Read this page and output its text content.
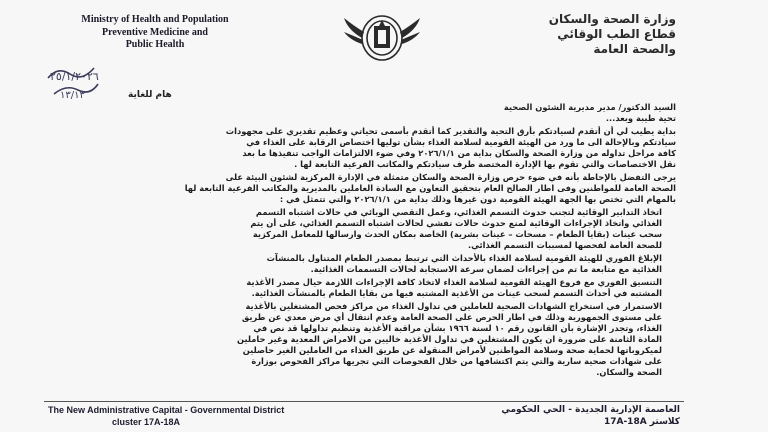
Ministry of Health and Population
Preventive Medicine and
Public Health
وزارة الصحة والسكان
قطاع الطب الوقائي
والصحة العامة
٢٥/١/٢٠٢٦
١٣/١٣	هام للغاية

السيد الدكتور/ مدير مديرية الشئون الصحية

تحية طيبة وبعد...

بداية يطيب لي أن أتقدم لسيادتكم بأرق التحية والتقدير كما أتقدم بأسمى تحياتي وعظيم تقديري على مجهودات

سيادتكم وبالإحالة الى ما ورد من الهيئة القومية لسلامة الغذاء بشأن توليها اختصاص الرقابة على الغذاء في

كافة مراحل تداوله من وزارة الصحة والسكان بداية من ٢٠٢٦/١/١ وفي ضوء الالتزامات الواجب تنفيذها ما بعد

نقل الاختصاصات والتي تقوم بها الإدارة المختصة طرف سيادتكم والمكاتب الفرعية التابعة لها .

يرجى التفضل بالإحاطة بأنه في ضوء حرص وزارة الصحة والسكان متمثلة في الإدارة المركزية لشئون البيئة على

الصحة العامة للمواطنين وفى اطار الصالح العام بتحقيق التعاون مع السادة العاملين بالمديرية والمكاتب الفرعية التابعة لها

بالمهام التي تختص بها الجهة الهيئة القومية دون غيرها وذلك بداية من ٢٠٢٦/١/١ والتي تتمثل في :

اتخاذ التدابير الوقائية لتجنب حدوث التسمم الغذائي، وعمل التقصي الوبائي في حالات اشتباه التسمم

الغذائي واتخاذ الإجراءات الوقائية لمنع حدوث حالات تفشي لحالات اشتباه التسمم الغذائي، على أن يتم

سحب عينات (بقايا الطعام – مسحات – عينات بشرية) الخاصة بمكان الحدث وارسالها للمعامل المركزية

للصحة العامة لفحصها لمسببات التسمم الغذائي.

الإبلاغ الفوري للهيئة القومية لسلامة الغذاء بالأحداث التي ترتبط بمصدر الطعام المتناول بالمنشآت

الغذائية مع متابعة ما تم من إجراءات لضمان سرعة الاستجابة لحالات التسممات الغذائية.

التنسيق الفوري مع فروع الهيئة القومية لسلامة الغذاء لاتخاذ كافة الإجراءات اللازمة حيال مصدر الأغذية

المشتبه في أحداث التسمم لسحب عينات من الأغذية المشتبه فيها من بقايا الطعام بالمنشآت الغذائية.

الاستمرار في استخراج الشهادات الصحية للعاملين في تداول الغذاء من مراكز فحص المشتغلين بالأغذية

على مستوى الجمهورية وذلك في اطار الحرص على الصحة العامة وعدم انتقال أي مرض معدي عن طريق

الغذاء، وتجدر الإشارة بأن القانون رقم ١٠ لسنة ١٩٦٦ بشأن مراقبة الأغذية وتنظيم تداولها قد نص في

المادة الثامنة على ضرورة ان يكون المشتغلين في تداول الأغذية خاليين من الامراض المعدية وغير حاملين

لميكروباتها لحماية صحة وسلامة المواطنين لأمراض المنقولة عن طريق الغذاء من العاملين الغير حاصلين

على شهادات صحية سارية والتي يتم اكتشافها من خلال الفحوصات التي تجريها مراكز الفحوص بوزارة

الصحة والسكان.

The New Administrative Capital - Governmental District
cluster 17A-18A
العاصمة الإدارية الجديدة - الحي الحكومي
كلاستر 17A-18A
